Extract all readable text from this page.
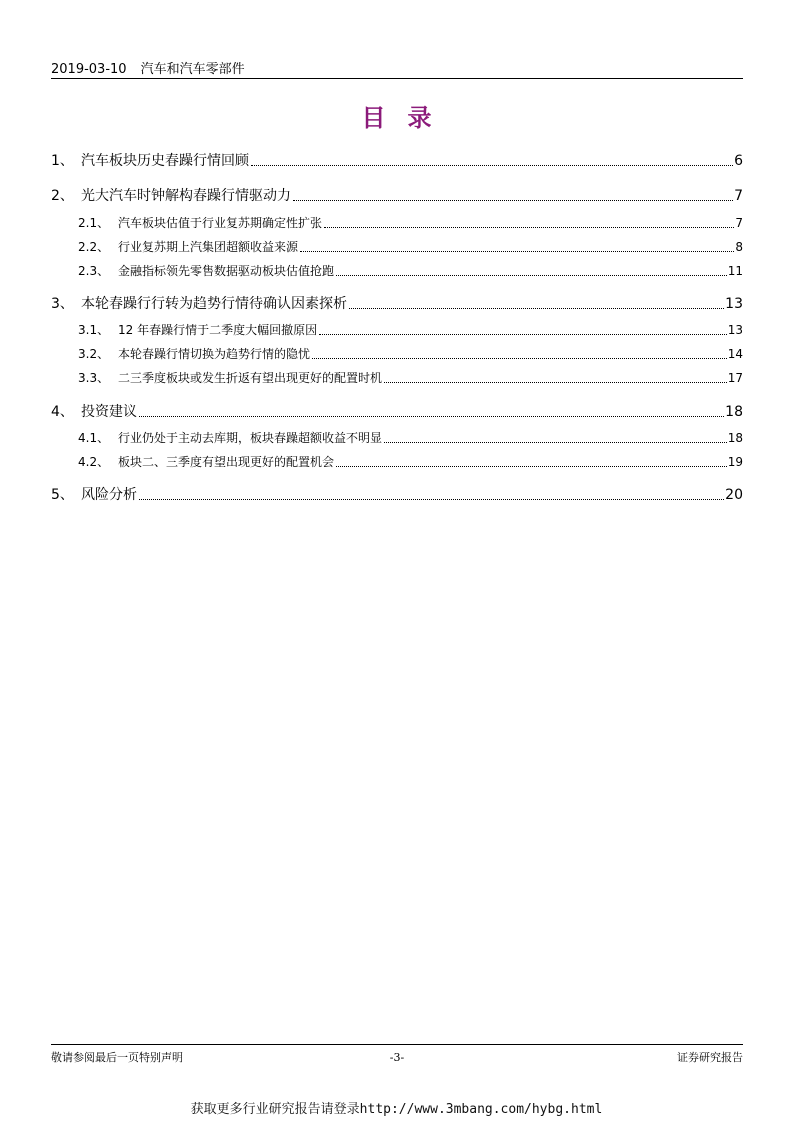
2019-03-10 汽车和汽车零部件
目录
1、 汽车板块历史春躁行情回顾	6
2、 光大汽车时钟解构春躁行情驱动力	7
2.1、 汽车板块估值于行业复苏期确定性扩张	7
2.2、 行业复苏期上汽集团超额收益来源	8
2.3、 金融指标领先零售数据驱动板块估值抢跑	11
3、 本轮春躁行行转为趋势行情待确认因素探析	13
3.1、 12 年春躁行情于二季度大幅回撤原因	13
3.2、 本轮春躁行情切换为趋势行情的隐忧	14
3.3、 二三季度板块或发生折返有望出现更好的配置时机	17
4、 投资建议	18
4.1、 行业仍处于主动去库期，板块春躁超额收益不明显	18
4.2、 板块二、三季度有望出现更好的配置机会	19
5、 风险分析	20
敬请参阅最后一页特别声明	-3-	证券研究报告
获取更多行业研究报告请登录http://www.3mbang.com/hybg.html
